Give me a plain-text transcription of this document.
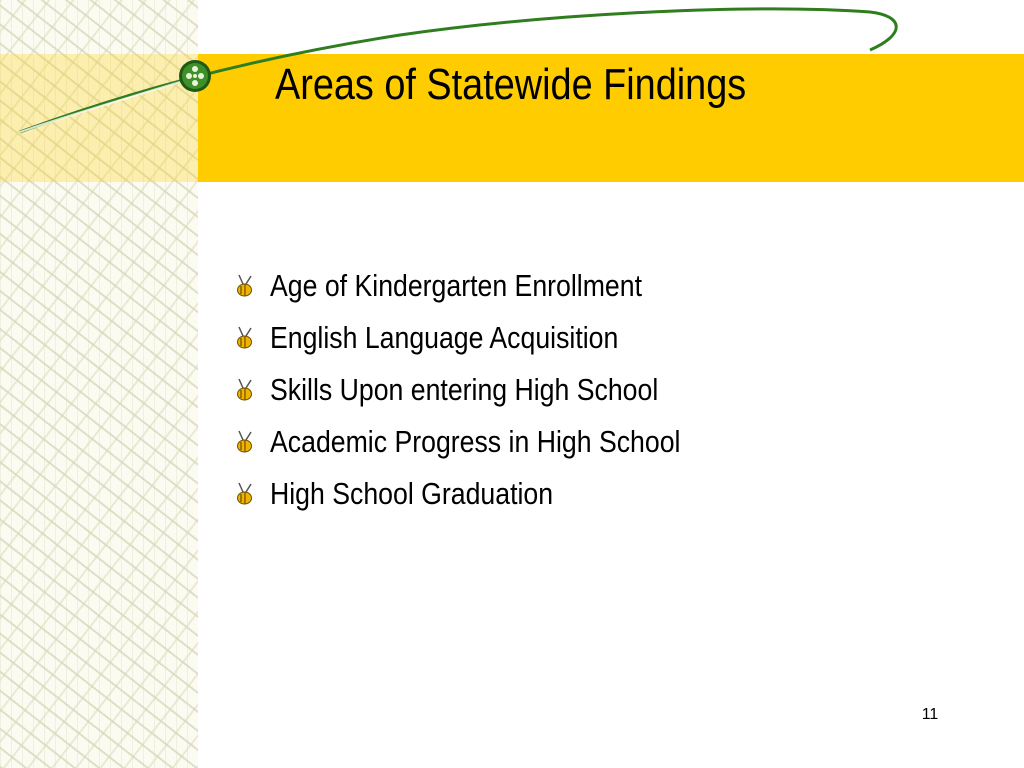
Areas of Statewide Findings
Age of Kindergarten Enrollment
English Language Acquisition
Skills Upon entering High School
Academic Progress in High School
High School Graduation
11
